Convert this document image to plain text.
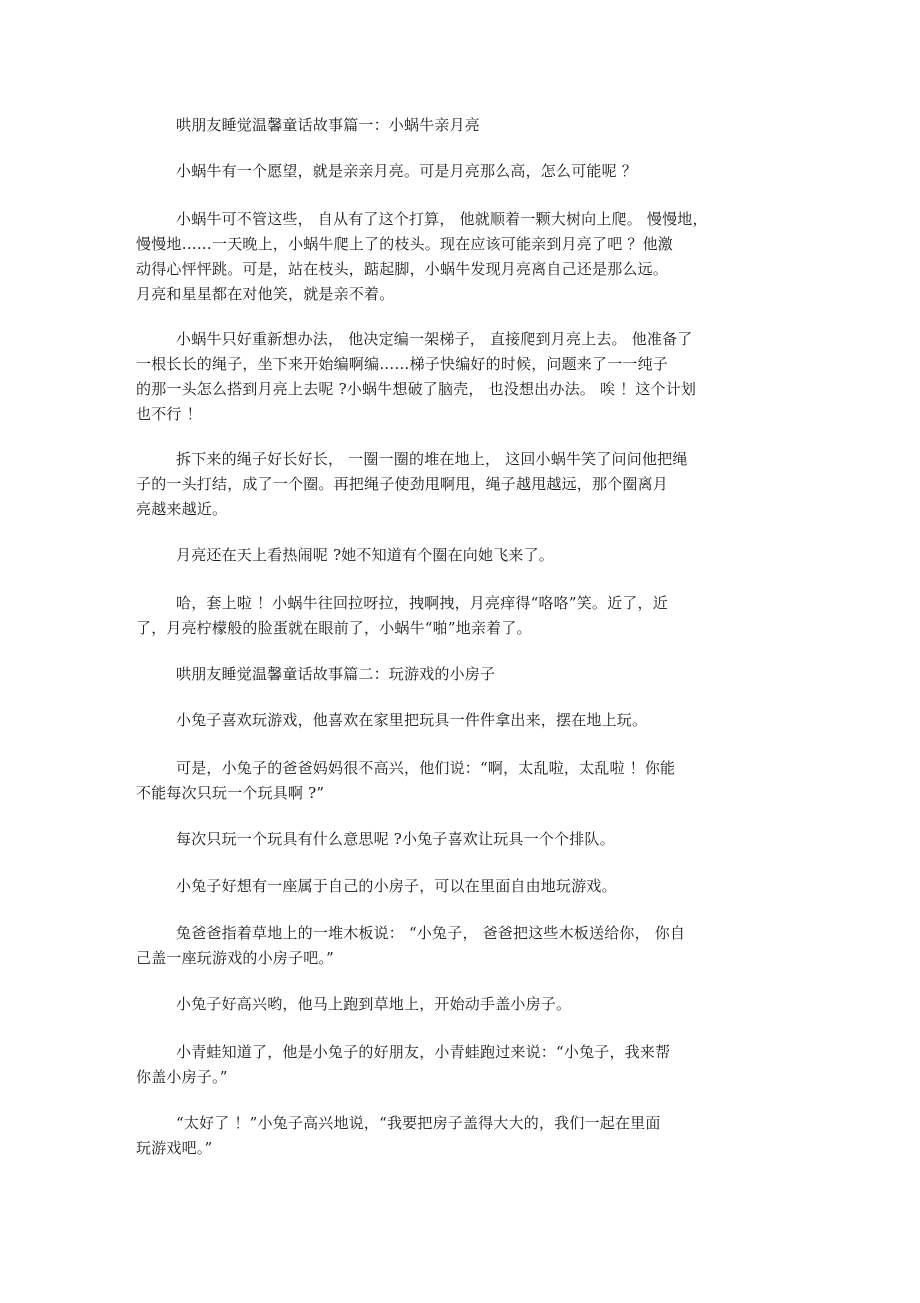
哄朋友睡觉温馨童话故事篇一：小蜗牛亲月亮

小蜗牛有一个愿望，就是亲亲月亮。可是月亮那么高，怎么可能呢 ？

小蜗牛可不管这些， 自从有了这个打算， 他就顺着一颗大树向上爬。 慢慢地，
慢慢地……一天晚上，小蜗牛爬上了的枝头。现在应该可能亲到月亮了吧 ？他激
动得心怦怦跳。可是，站在枝头，踮起脚，小蜗牛发现月亮离自己还是那么远。
月亮和星星都在对他笑，就是亲不着。

小蜗牛只好重新想办法， 他决定编一架梯子， 直接爬到月亮上去。 他准备了
一根长长的绳子，坐下来开始编啊编……梯子快编好的时候，问题来了一一纯子
的那一头怎么搭到月亮上去呢 ?小蜗牛想破了脑壳， 也没想出办法。 唉 ！这个计划
也不行 ！

拆下来的绳子好长好长， 一圈一圈的堆在地上， 这回小蜗牛笑了问问他把绳
子的一头打结，成了一个圈。再把绳子使劲甩啊甩，绳子越甩越远，那个圈离月
亮越来越近。

月亮还在天上看热闹呢 ?她不知道有个圈在向她飞来了。

哈，套上啦 ！小蜗牛往回拉呀拉，拽啊拽，月亮痒得“咯咯”笑。近了，近
了，月亮柠檬般的脸蛋就在眼前了，小蜗牛“啪”地亲着了。

哄朋友睡觉温馨童话故事篇二：玩游戏的小房子

小兔子喜欢玩游戏，他喜欢在家里把玩具一件件拿出来，摆在地上玩。

可是，小兔子的爸爸妈妈很不高兴，他们说：“啊，太乱啦，太乱啦 ！你能
不能每次只玩一个玩具啊 ?”

每次只玩一个玩具有什么意思呢 ?小兔子喜欢让玩具一个个排队。

小兔子好想有一座属于自己的小房子，可以在里面自由地玩游戏。

兔爸爸指着草地上的一堆木板说： “小兔子， 爸爸把这些木板送给你， 你自
己盖一座玩游戏的小房子吧。”

小兔子好高兴哟，他马上跑到草地上，开始动手盖小房子。

小青蛙知道了，他是小兔子的好朋友，小青蛙跑过来说：“小兔子，我来帮
你盖小房子。”

“太好了 ！”小兔子高兴地说，“我要把房子盖得大大的，我们一起在里面
玩游戏吧。”
